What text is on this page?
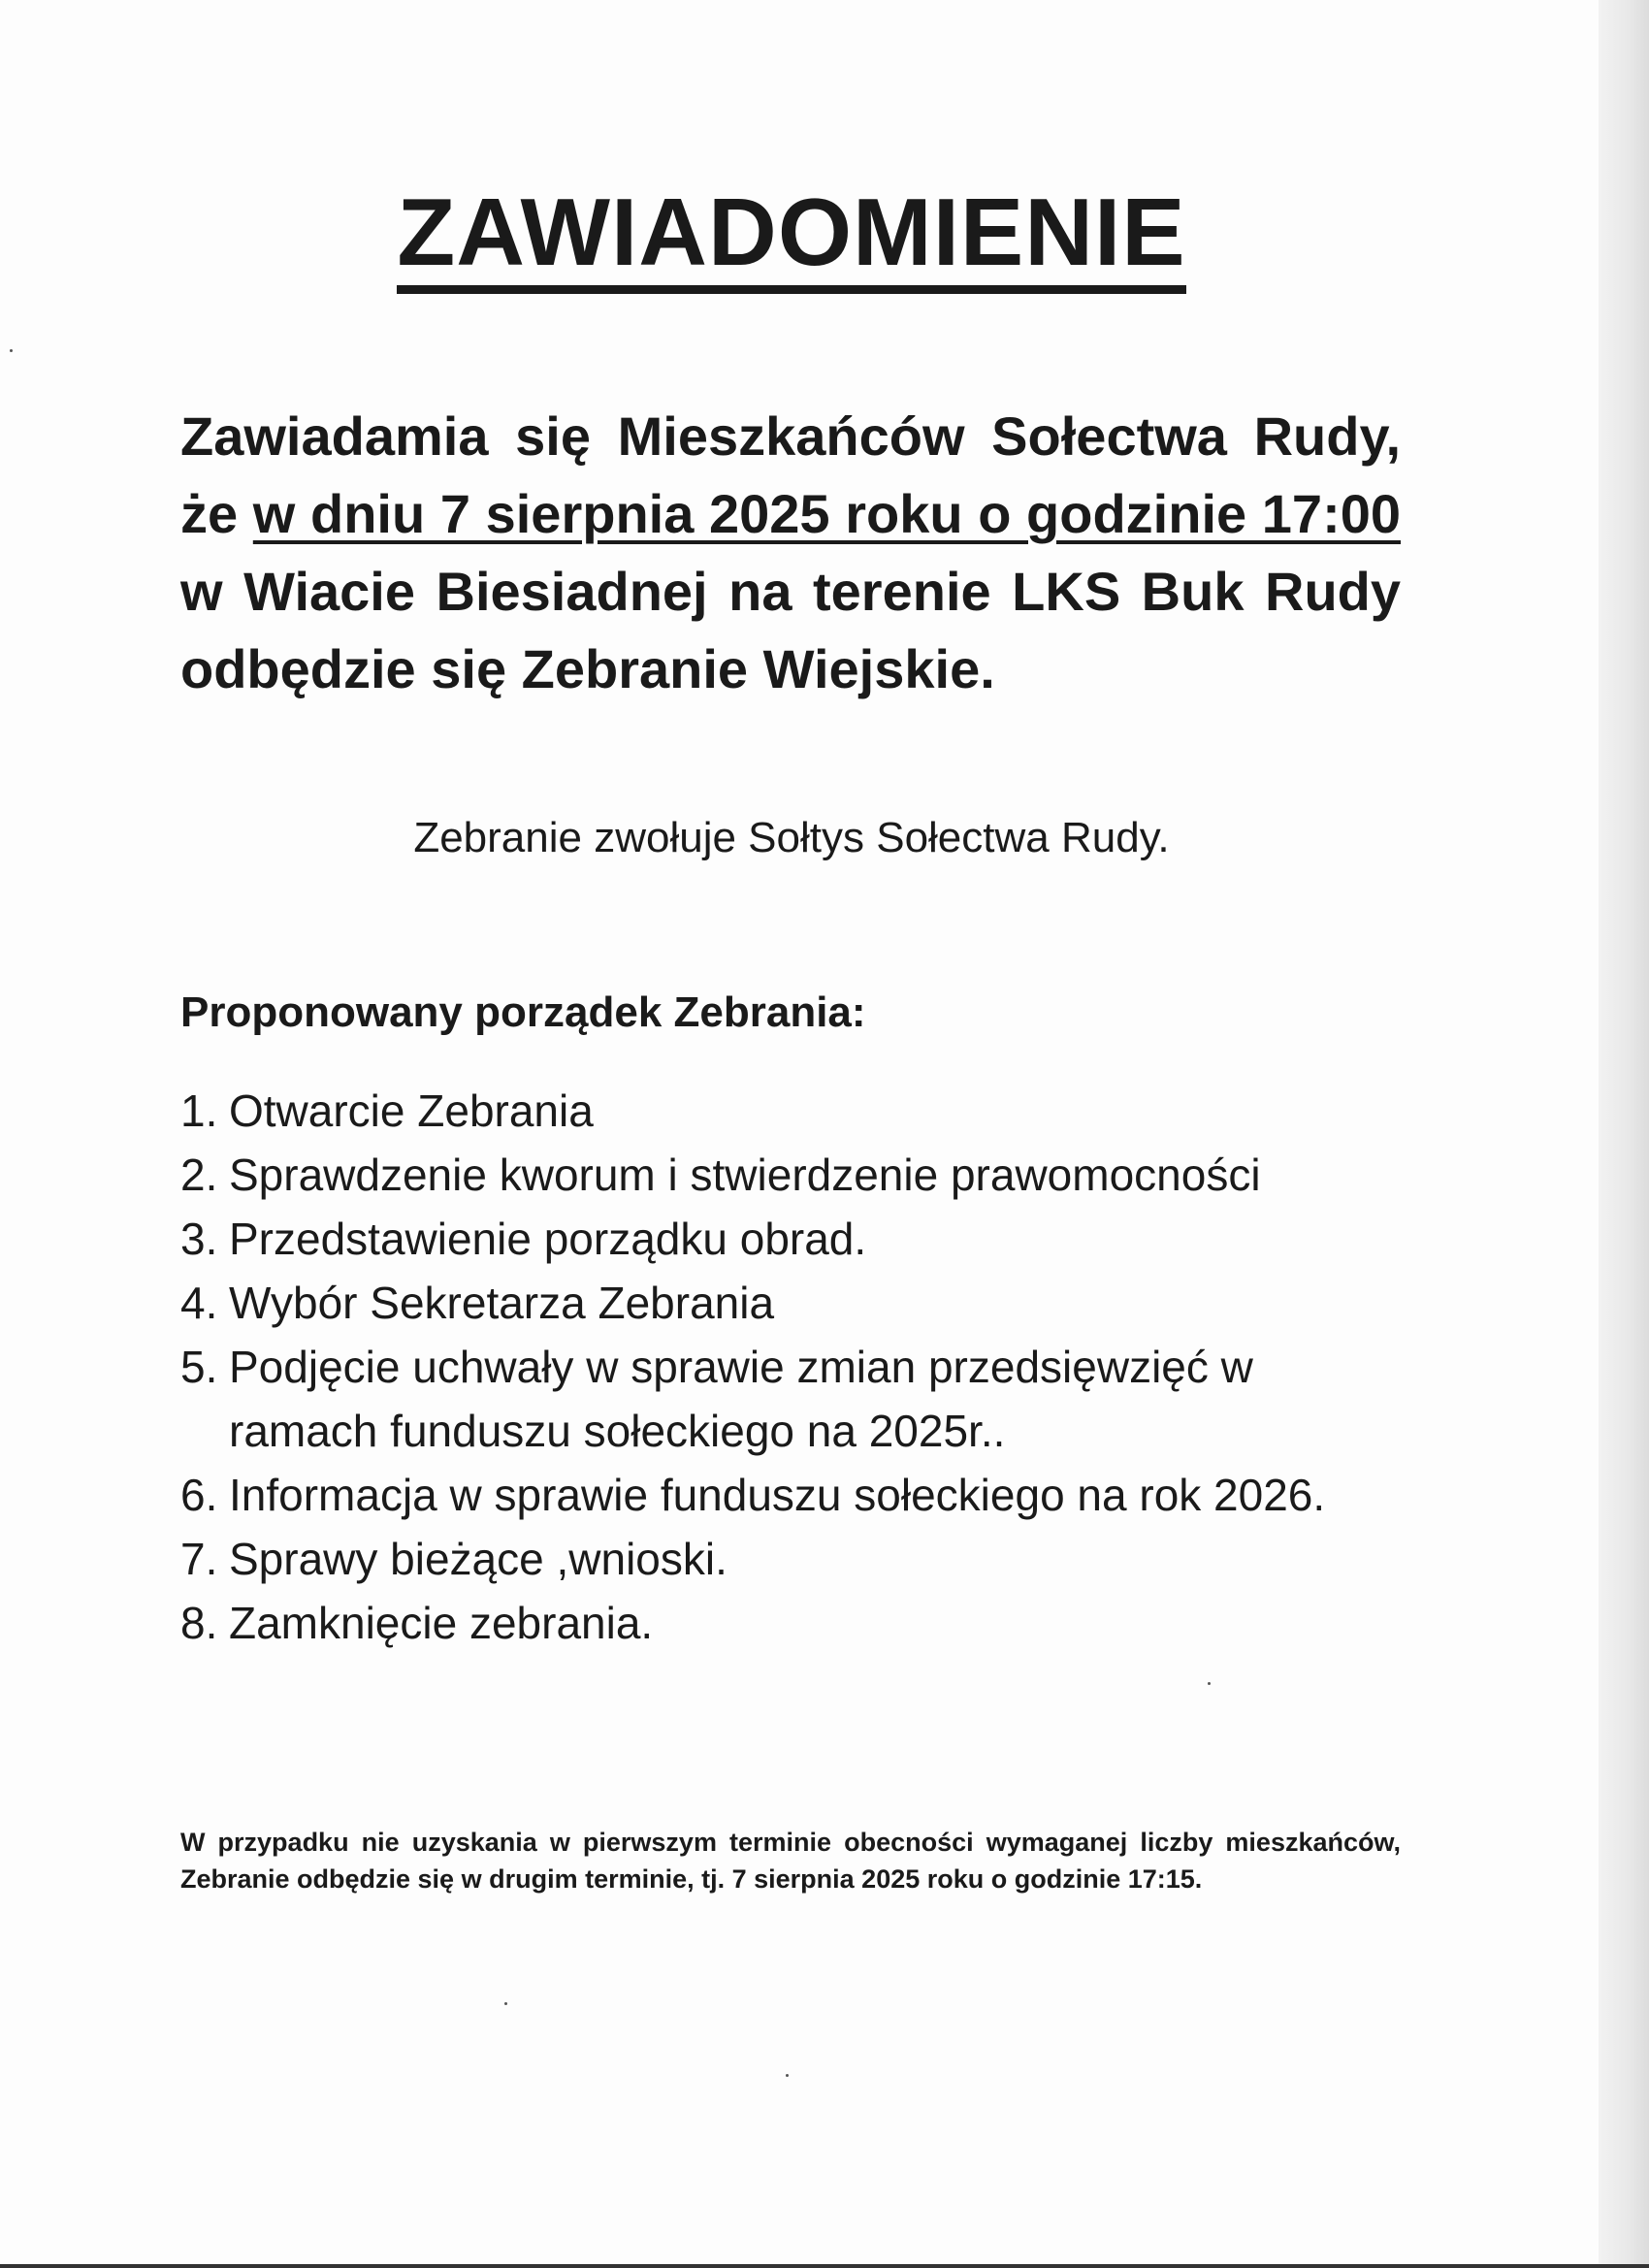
ZAWIADOMIENIE

Zawiadamia się Mieszkańców Sołectwa Rudy, że w dniu 7 sierpnia 2025 roku o godzinie 17:00 w Wiacie Biesiadnej na terenie LKS Buk Rudy odbędzie się Zebranie Wiejskie.

Zebranie zwołuje Sołtys Sołectwa Rudy.

Proponowany porządek Zebrania:
1. Otwarcie Zebrania
2. Sprawdzenie kworum i stwierdzenie prawomocności
3. Przedstawienie porządku obrad.
4. Wybór Sekretarza Zebrania
5. Podjęcie uchwały w sprawie zmian przedsięwzięć w ramach funduszu sołeckiego na 2025r..
6. Informacja w sprawie funduszu sołeckiego na rok 2026.
7. Sprawy bieżące ,wnioski.
8. Zamknięcie zebrania.

W przypadku nie uzyskania w pierwszym terminie obecności wymaganej liczby mieszkańców, Zebranie odbędzie się w drugim terminie, tj. 7 sierpnia 2025 roku o godzinie 17:15.
